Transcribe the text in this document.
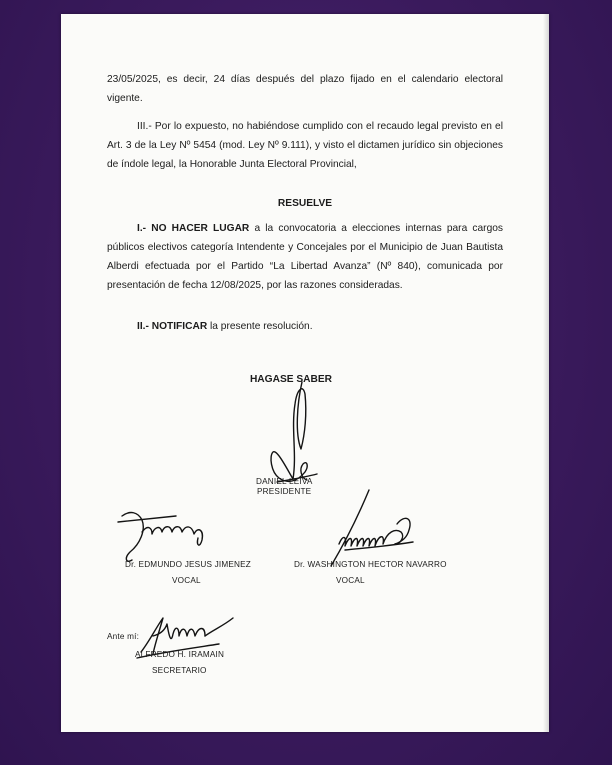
23/05/2025, es decir, 24 días después del plazo fijado en el calendario electoral vigente.
III.- Por lo expuesto, no habiéndose cumplido con el recaudo legal previsto en el Art. 3 de la Ley Nº 5454 (mod. Ley Nº 9.111), y visto el dictamen jurídico sin objeciones de índole legal, la Honorable Junta Electoral Provincial,
RESUELVE
I.- NO HACER LUGAR a la convocatoria a elecciones internas para cargos públicos electivos categoría Intendente y Concejales por el Municipio de Juan Bautista Alberdi efectuada por el Partido “La Libertad Avanza” (Nº 840), comunicada por presentación de fecha 12/08/2025, por las razones consideradas.
II.- NOTIFICAR la presente resolución.
HAGASE SABER
DANIEL LEIVA
PRESIDENTE
Dr. EDMUNDO JESUS JIMENEZ
VOCAL
Dr. WASHINGTON HECTOR NAVARRO
VOCAL
Ante mí:
ALFREDO H. IRAMAIN
SECRETARIO
